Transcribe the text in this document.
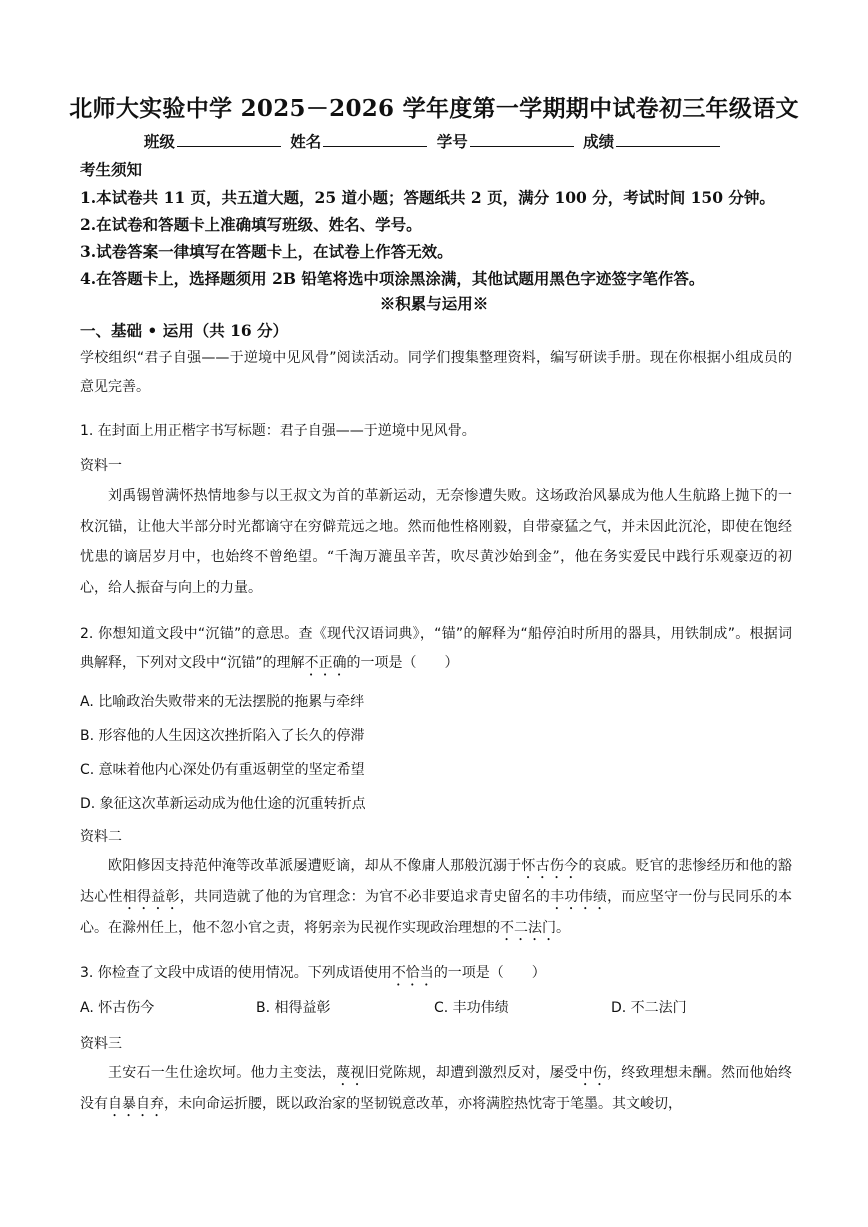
北师大实验中学 2025－2026 学年度第一学期期中试卷初三年级语文
班级	姓名	学号	成绩
考生须知
1.本试卷共 11 页，共五道大题，25 道小题；答题纸共 2 页，满分 100 分，考试时间 150 分钟。
2.在试卷和答题卡上准确填写班级、姓名、学号。
3.试卷答案一律填写在答题卡上，在试卷上作答无效。
4.在答题卡上，选择题须用 2B 铅笔将选中项涂黑涂满，其他试题用黑色字迹签字笔作答。
※积累与运用※
一、基础 • 运用（共 16 分）
学校组织“君子自强——于逆境中见风骨”阅读活动。同学们搜集整理资料，编写研读手册。现在你根据小组成员的意见完善。
1. 在封面上用正楷字书写标题：君子自强——于逆境中见风骨。
资料一
刘禹锡曾满怀热情地参与以王叔文为首的革新运动，无奈惨遭失败。这场政治风暴成为他人生航路上抛下的一枚沉锚，让他大半部分时光都谪守在穷僻荒远之地。然而他性格刚毅，自带豪猛之气，并未因此沉沦，即使在饱经忧患的谪居岁月中，也始终不曾绝望。“千淘万漉虽辛苦，吹尽黄沙始到金”，他在务实爱民中践行乐观豪迈的初心，给人振奋与向上的力量。
2. 你想知道文段中“沉锚”的意思。查《现代汉语词典》，“锚”的解释为“船停泊时所用的器具，用铁制成”。根据词典解释，下列对文段中“沉锚”的理解不正确的一项是（　　）
A. 比喻政治失败带来的无法摆脱的拖累与牵绊
B. 形容他的人生因这次挫折陷入了长久的停滞
C. 意味着他内心深处仍有重返朝堂的坚定希望
D. 象征这次革新运动成为他仕途的沉重转折点
资料二
欧阳修因支持范仲淹等改革派屡遭贬谪，却从不像庸人那般沉溺于怀古伤今的哀戚。贬官的悲惨经历和他的豁达心性相得益彰，共同造就了他的为官理念：为官不必非要追求青史留名的丰功伟绩，而应坚守一份与民同乐的本心。在滁州任上，他不忽小官之责，将躬亲为民视作实现政治理想的不二法门。
3. 你检查了文段中成语的使用情况。下列成语使用不恰当的一项是（　　）
A. 怀古伤今	B. 相得益彰	C. 丰功伟绩	D. 不二法门
资料三
王安石一生仕途坎坷。他力主变法，蔑视旧党陈规，却遭到激烈反对，屡受中伤，终致理想未酬。然而他始终没有自暴自弃，未向命运折腰，既以政治家的坚韧锐意改革，亦将满腔热忱寄于笔墨。其文峻切，
